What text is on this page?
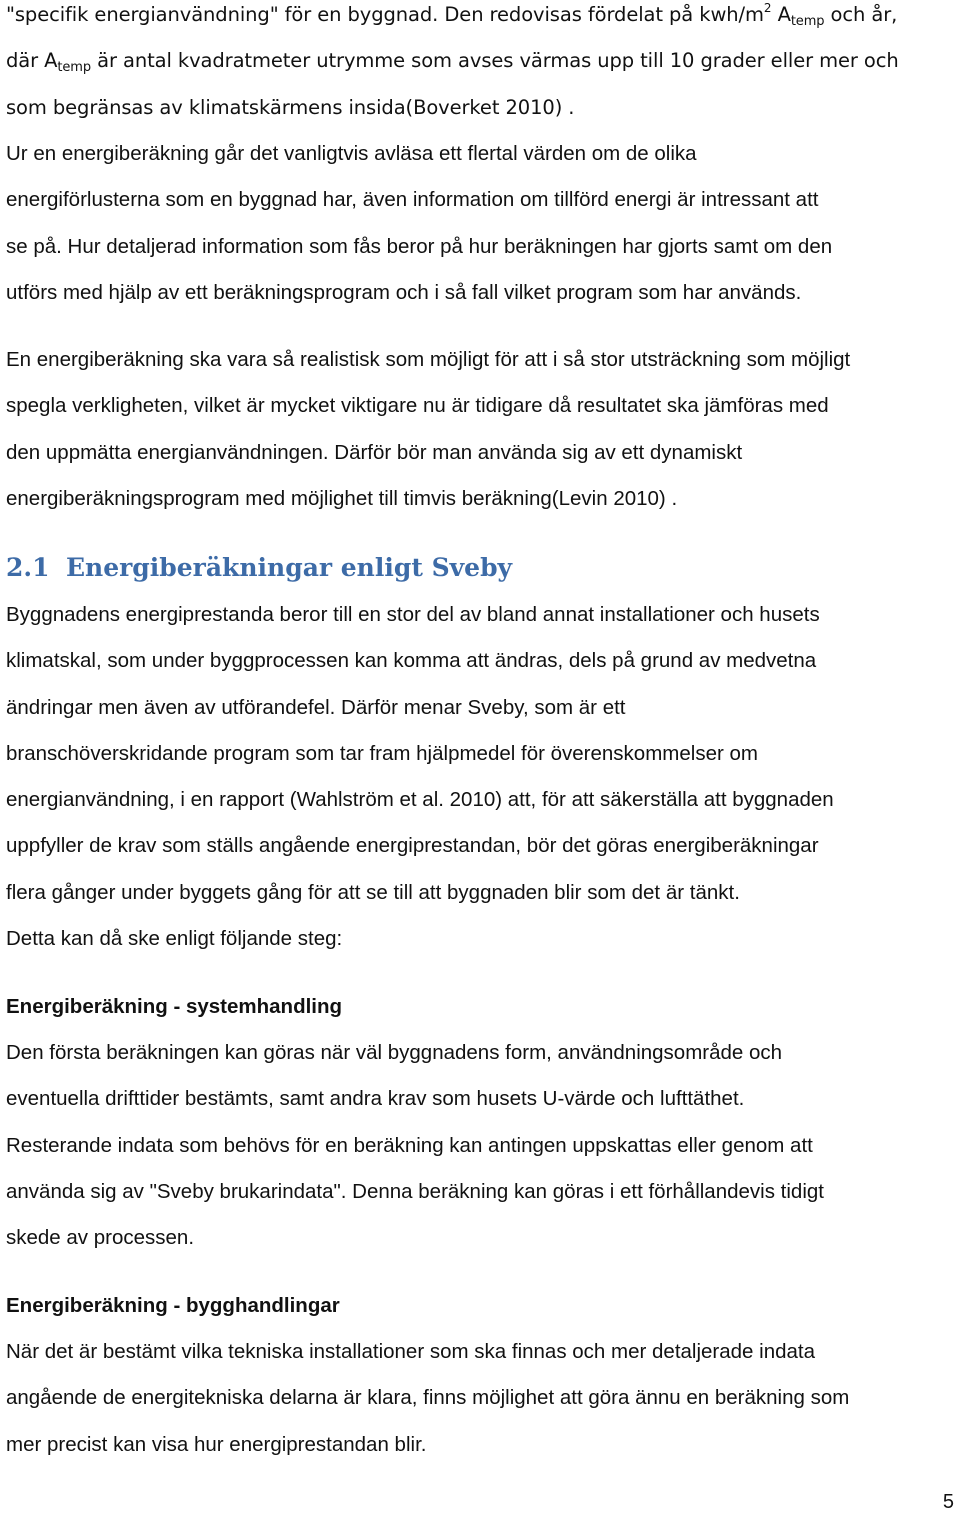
"specifik energianvändning" för en byggnad. Den redovisas fördelat på kwh/$m^2$ $A_{temp}$ och år,
där $A_{temp}$ är antal kvadratmeter utrymme som avses värmas upp till 10 grader eller mer och
som begränsas av klimatskärmens insida(Boverket 2010) .

Ur en energiberäkning går det vanligtvis avläsa ett flertal värden om de olika
energiförlusterna som en byggnad har, även information om tillförd energi är intressant att
se på. Hur detaljerad information som fås beror på hur beräkningen har gjorts samt om den
utförs med hjälp av ett beräkningsprogram och i så fall vilket program som har används.

En energiberäkning ska vara så realistisk som möjligt för att i så stor utsträckning som möjligt
spegla verkligheten, vilket är mycket viktigare nu är tidigare då resultatet ska jämföras med
den uppmätta energianvändningen. Därför bör man använda sig av ett dynamiskt
energiberäkningsprogram med möjlighet till timvis beräkning(Levin 2010) .

2.1 Energiberäkningar enligt Sveby

Byggnadens energiprestanda beror till en stor del av bland annat installationer och husets
klimatskal, som under byggprocessen kan komma att ändras, dels på grund av medvetna
ändringar men även av utförandefel. Därför menar Sveby, som är ett
branschöverskridande program som tar fram hjälpmedel för överenskommelser om
energianvändning, i en rapport (Wahlström et al. 2010) att, för att säkerställa att byggnaden
uppfyller de krav som ställs angående energiprestandan, bör det göras energiberäkningar
flera gånger under byggets gång för att se till att byggnaden blir som det är tänkt.
Detta kan då ske enligt följande steg:

Energiberäkning - systemhandling

Den första beräkningen kan göras när väl byggnadens form, användningsområde och
eventuella drifttider bestämts, samt andra krav som husets U-värde och lufttäthet.
Resterande indata som behövs för en beräkning kan antingen uppskattas eller genom att
använda sig av "Sveby brukarindata". Denna beräkning kan göras i ett förhållandevis tidigt
skede av processen.

Energiberäkning - bygghandlingar

När det är bestämt vilka tekniska installationer som ska finnas och mer detaljerade indata
angående de energitekniska delarna är klara, finns möjlighet att göra ännu en beräkning som
mer precist kan visa hur energiprestandan blir.

5
